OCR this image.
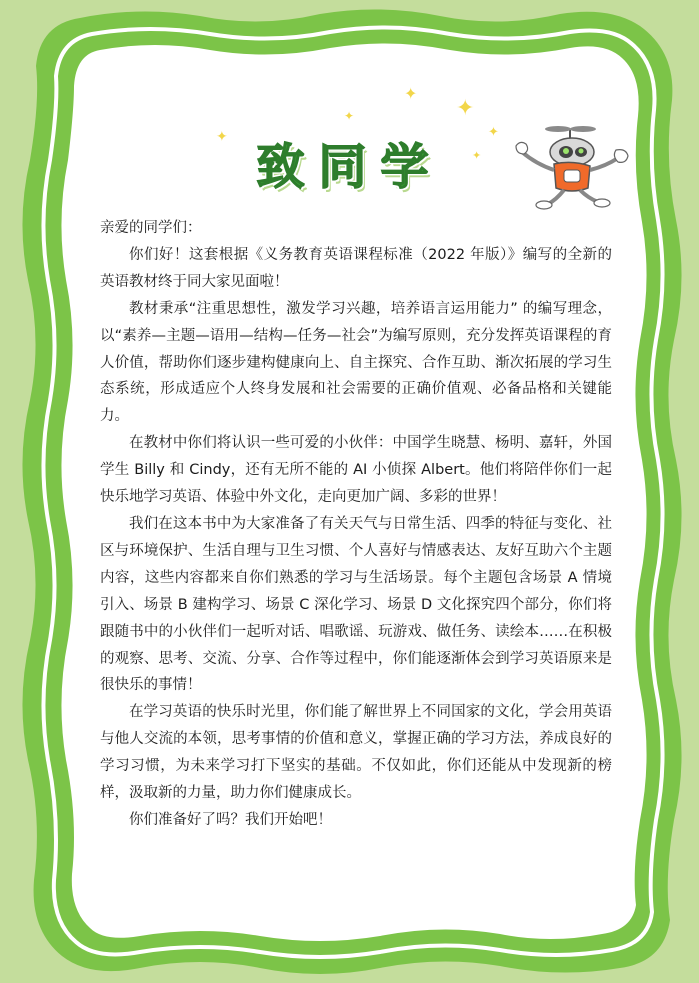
✦
✦
✦
✦	✦
✦
致同学

亲爱的同学们：

你们好！这套根据《义务教育英语课程标准（2022 年版）》编写的全新的英语教材终于同大家见面啦！

教材秉承“注重思想性，激发学习兴趣，培养语言运用能力” 的编写理念，以“素养—主题—语用—结构—任务—社会”为编写原则，充分发挥英语课程的育人价值，帮助你们逐步建构健康向上、自主探究、合作互助、渐次拓展的学习生态系统，形成适应个人终身发展和社会需要的正确价值观、必备品格和关键能力。

在教材中你们将认识一些可爱的小伙伴：中国学生晓慧、杨明、嘉轩，外国学生 Billy 和 Cindy，还有无所不能的 AI 小侦探 Albert。他们将陪伴你们一起快乐地学习英语、体验中外文化，走向更加广阔、多彩的世界！

我们在这本书中为大家准备了有关天气与日常生活、四季的特征与变化、社区与环境保护、生活自理与卫生习惯、个人喜好与情感表达、友好互助六个主题内容，这些内容都来自你们熟悉的学习与生活场景。每个主题包含场景 A 情境引入、场景 B 建构学习、场景 C 深化学习、场景 D 文化探究四个部分，你们将跟随书中的小伙伴们一起听对话、唱歌谣、玩游戏、做任务、读绘本……在积极的观察、思考、交流、分享、合作等过程中，你们能逐渐体会到学习英语原来是很快乐的事情！

在学习英语的快乐时光里，你们能了解世界上不同国家的文化，学会用英语与他人交流的本领，思考事情的价值和意义，掌握正确的学习方法，养成良好的学习习惯，为未来学习打下坚实的基础。不仅如此，你们还能从中发现新的榜样，汲取新的力量，助力你们健康成长。

你们准备好了吗？我们开始吧！
